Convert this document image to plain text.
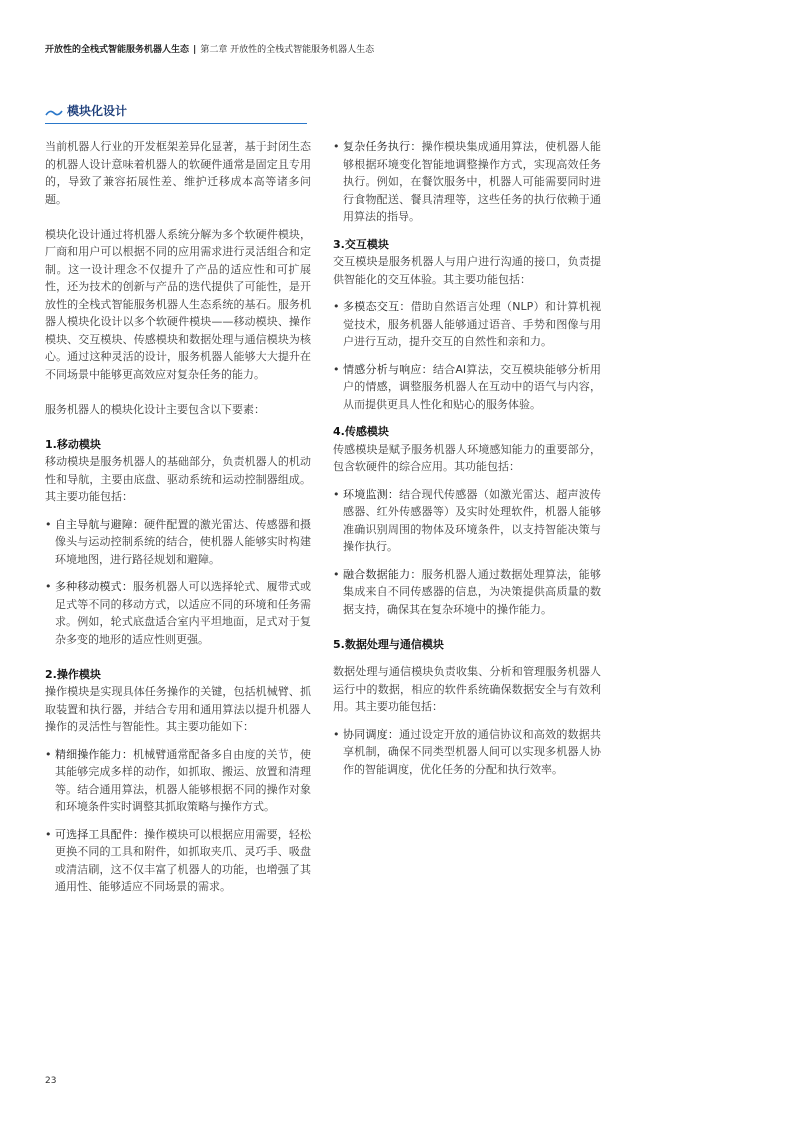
开放性的全栈式智能服务机器人生态 | 第二章 开放性的全栈式智能服务机器人生态
模块化设计

当前机器人行业的开发框架差异化显著，基于封闭生态的机器人设计意味着机器人的软硬件通常是固定且专用的，导致了兼容拓展性差、维护迁移成本高等诸多问题。

模块化设计通过将机器人系统分解为多个软硬件模块，厂商和用户可以根据不同的应用需求进行灵活组合和定制。这一设计理念不仅提升了产品的适应性和可扩展性，还为技术的创新与产品的迭代提供了可能性，是开放性的全栈式智能服务机器人生态系统的基石。服务机器人模块化设计以多个软硬件模块——移动模块、操作模块、交互模块、传感模块和数据处理与通信模块为核心。通过这种灵活的设计，服务机器人能够大大提升在不同场景中能够更高效应对复杂任务的能力。

服务机器人的模块化设计主要包含以下要素：

1.移动模块

移动模块是服务机器人的基础部分，负责机器人的机动性和导航，主要由底盘、驱动系统和运动控制器组成。其主要功能包括：

• 自主导航与避障：硬件配置的激光雷达、传感器和摄像头与运动控制系统的结合，使机器人能够实时构建环境地图，进行路径规划和避障。

• 多种移动模式：服务机器人可以选择轮式、履带式或足式等不同的移动方式，以适应不同的环境和任务需求。例如，轮式底盘适合室内平坦地面，足式对于复杂多变的地形的适应性则更强。

2.操作模块

操作模块是实现具体任务操作的关键，包括机械臂、抓取装置和执行器，并结合专用和通用算法以提升机器人操作的灵活性与智能性。其主要功能如下：

• 精细操作能力：机械臂通常配备多自由度的关节，使其能够完成多样的动作，如抓取、搬运、放置和清理等。结合通用算法，机器人能够根据不同的操作对象和环境条件实时调整其抓取策略与操作方式。

• 可选择工具配件：操作模块可以根据应用需要，轻松更换不同的工具和附件，如抓取夹爪、灵巧手、吸盘或清洁刷，这不仅丰富了机器人的功能，也增强了其通用性、能够适应不同场景的需求。

• 复杂任务执行：操作模块集成通用算法，使机器人能够根据环境变化智能地调整操作方式，实现高效任务执行。例如，在餐饮服务中，机器人可能需要同时进行食物配送、餐具清理等，这些任务的执行依赖于通用算法的指导。

3.交互模块

交互模块是服务机器人与用户进行沟通的接口，负责提供智能化的交互体验。其主要功能包括：

• 多模态交互：借助自然语言处理（NLP）和计算机视觉技术，服务机器人能够通过语音、手势和图像与用户进行互动，提升交互的自然性和亲和力。

• 情感分析与响应：结合AI算法，交互模块能够分析用户的情感，调整服务机器人在互动中的语气与内容，从而提供更具人性化和贴心的服务体验。

4.传感模块

传感模块是赋予服务机器人环境感知能力的重要部分，包含软硬件的综合应用。其功能包括：

• 环境监测：结合现代传感器（如激光雷达、超声波传感器、红外传感器等）及实时处理软件，机器人能够准确识别周围的物体及环境条件，以支持智能决策与操作执行。

• 融合数据能力：服务机器人通过数据处理算法，能够集成来自不同传感器的信息，为决策提供高质量的数据支持，确保其在复杂环境中的操作能力。

5.数据处理与通信模块

数据处理与通信模块负责收集、分析和管理服务机器人运行中的数据，相应的软件系统确保数据安全与有效利用。其主要功能包括：

• 协同调度：通过设定开放的通信协议和高效的数据共享机制，确保不同类型机器人间可以实现多机器人协作的智能调度，优化任务的分配和执行效率。

23
